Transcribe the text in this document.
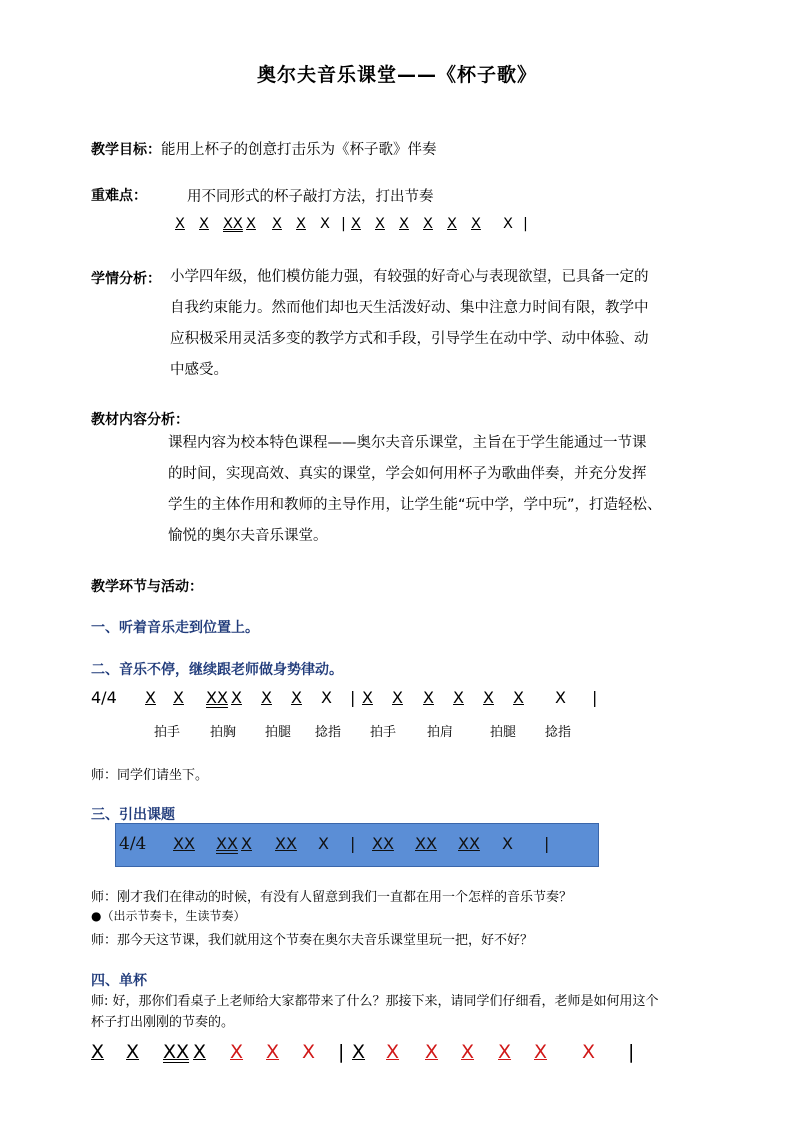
奥尔夫音乐课堂——《杯子歌》
教学目标：能用上杯子的创意打击乐为《杯子歌》伴奏
重难点：	用不同形式的杯子敲打方法，打出节奏
X X XX X X X X | X X X X X X X |
学情分析： 小学四年级，他们模仿能力强，有较强的好奇心与表现欲望，已具备一定的
自我约束能力。然而他们却也天生活泼好动、集中注意力时间有限，教学中
应积极采用灵活多变的教学方式和手段，引导学生在动中学、动中体验、动
中感受。
教材内容分析：
课程内容为校本特色课程——奥尔夫音乐课堂，主旨在于学生能通过一节课
的时间，实现高效、真实的课堂，学会如何用杯子为歌曲伴奏，并充分发挥
学生的主体作用和教师的主导作用，让学生能“玩中学，学中玩”，打造轻松、
愉悦的奥尔夫音乐课堂。
教学环节与活动：
一、听着音乐走到位置上。
二、音乐不停，继续跟老师做身势律动。
4/4 X X XX X X X X | X X X X X X X |
拍手 拍胸 拍腿 捻指 拍手 拍肩	拍腿 捻指
师：同学们请坐下。
三、引出课题
4/4 XX XX X XX X | XX XX XX X |
师：刚才我们在律动的时候，有没有人留意到我们一直都在用一个怎样的音乐节奏？
●（出示节奏卡，生读节奏）
师：那今天这节课，我们就用这个节奏在奥尔夫音乐课堂里玩一把，好不好？
四、单杯
师: 好，那你们看桌子上老师给大家都带来了什么？那接下来，请同学们仔细看，老师是如何用这个
杯子打出刚刚的节奏的。
X X XX X X X X | X X X X X X X |
